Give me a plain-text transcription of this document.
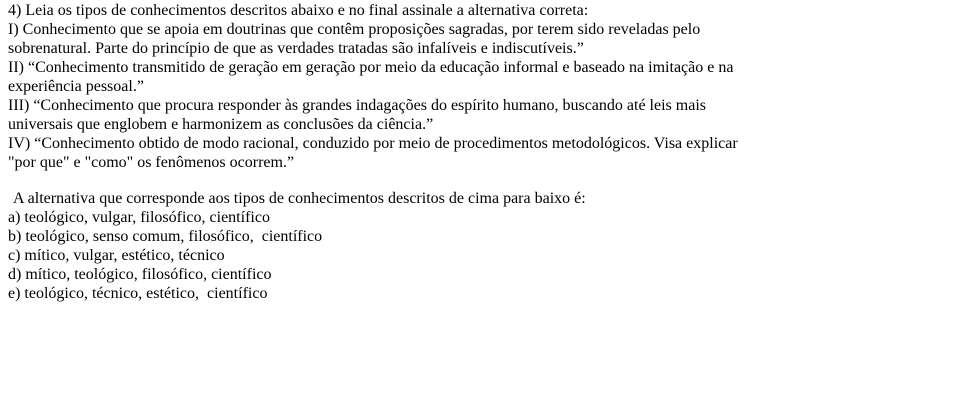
4) Leia os tipos de conhecimentos descritos abaixo e no final assinale a alternativa correta:
I) Conhecimento que se apoia em doutrinas que contêm proposições sagradas, por terem sido reveladas pelo
sobrenatural. Parte do princípio de que as verdades tratadas são infalíveis e indiscutíveis.”
II) “Conhecimento transmitido de geração em geração por meio da educação informal e baseado na imitação e na
experiência pessoal.”
III) “Conhecimento que procura responder às grandes indagações do espírito humano, buscando até leis mais
universais que englobem e harmonizem as conclusões da ciência.”
IV) “Conhecimento obtido de modo racional, conduzido por meio de procedimentos metodológicos. Visa explicar
"por que" e "como" os fenômenos ocorrem.”
A alternativa que corresponde aos tipos de conhecimentos descritos de cima para baixo é:
a) teológico, vulgar, filosófico, científico
b) teológico, senso comum, filosófico,  científico
c) mítico, vulgar, estético, técnico
d) mítico, teológico, filosófico, científico
e) teológico, técnico, estético,  científico
